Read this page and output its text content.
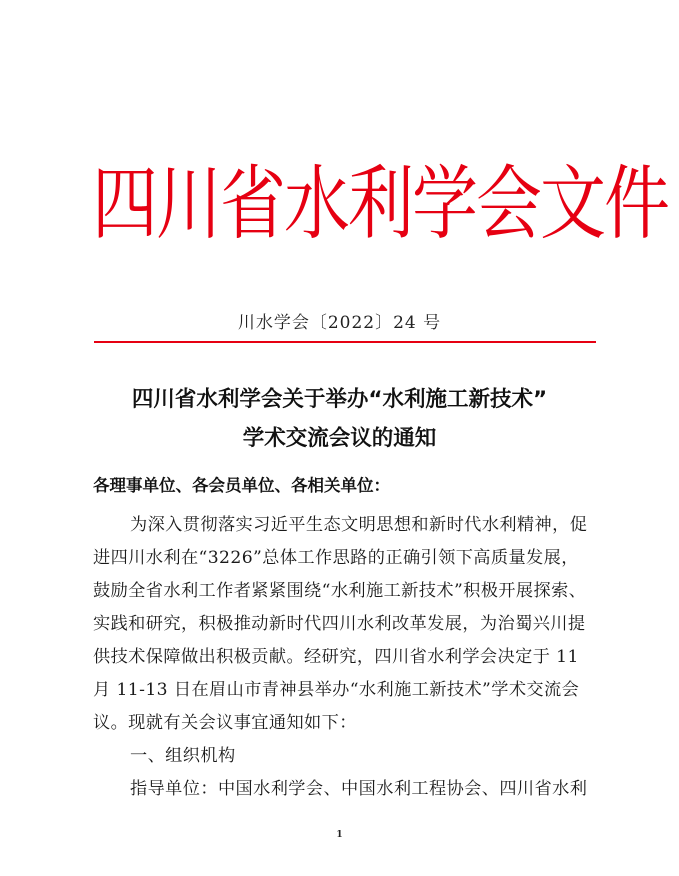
四川省水利学会文件
川水学会〔2022〕24 号
四川省水利学会关于举办“水利施工新技术”
学术交流会议的通知
各理事单位、各会员单位、各相关单位：
为深入贯彻落实习近平生态文明思想和新时代水利精神，促
进四川水利在“3226”总体工作思路的正确引领下高质量发展，
鼓励全省水利工作者紧紧围绕“水利施工新技术”积极开展探索、
实践和研究，积极推动新时代四川水利改革发展，为治蜀兴川提
供技术保障做出积极贡献。经研究，四川省水利学会决定于 11
月 11-13 日在眉山市青神县举办“水利施工新技术”学术交流会
议。现就有关会议事宜通知如下：
一、组织机构
指导单位：中国水利学会、中国水利工程协会、四川省水利
1
